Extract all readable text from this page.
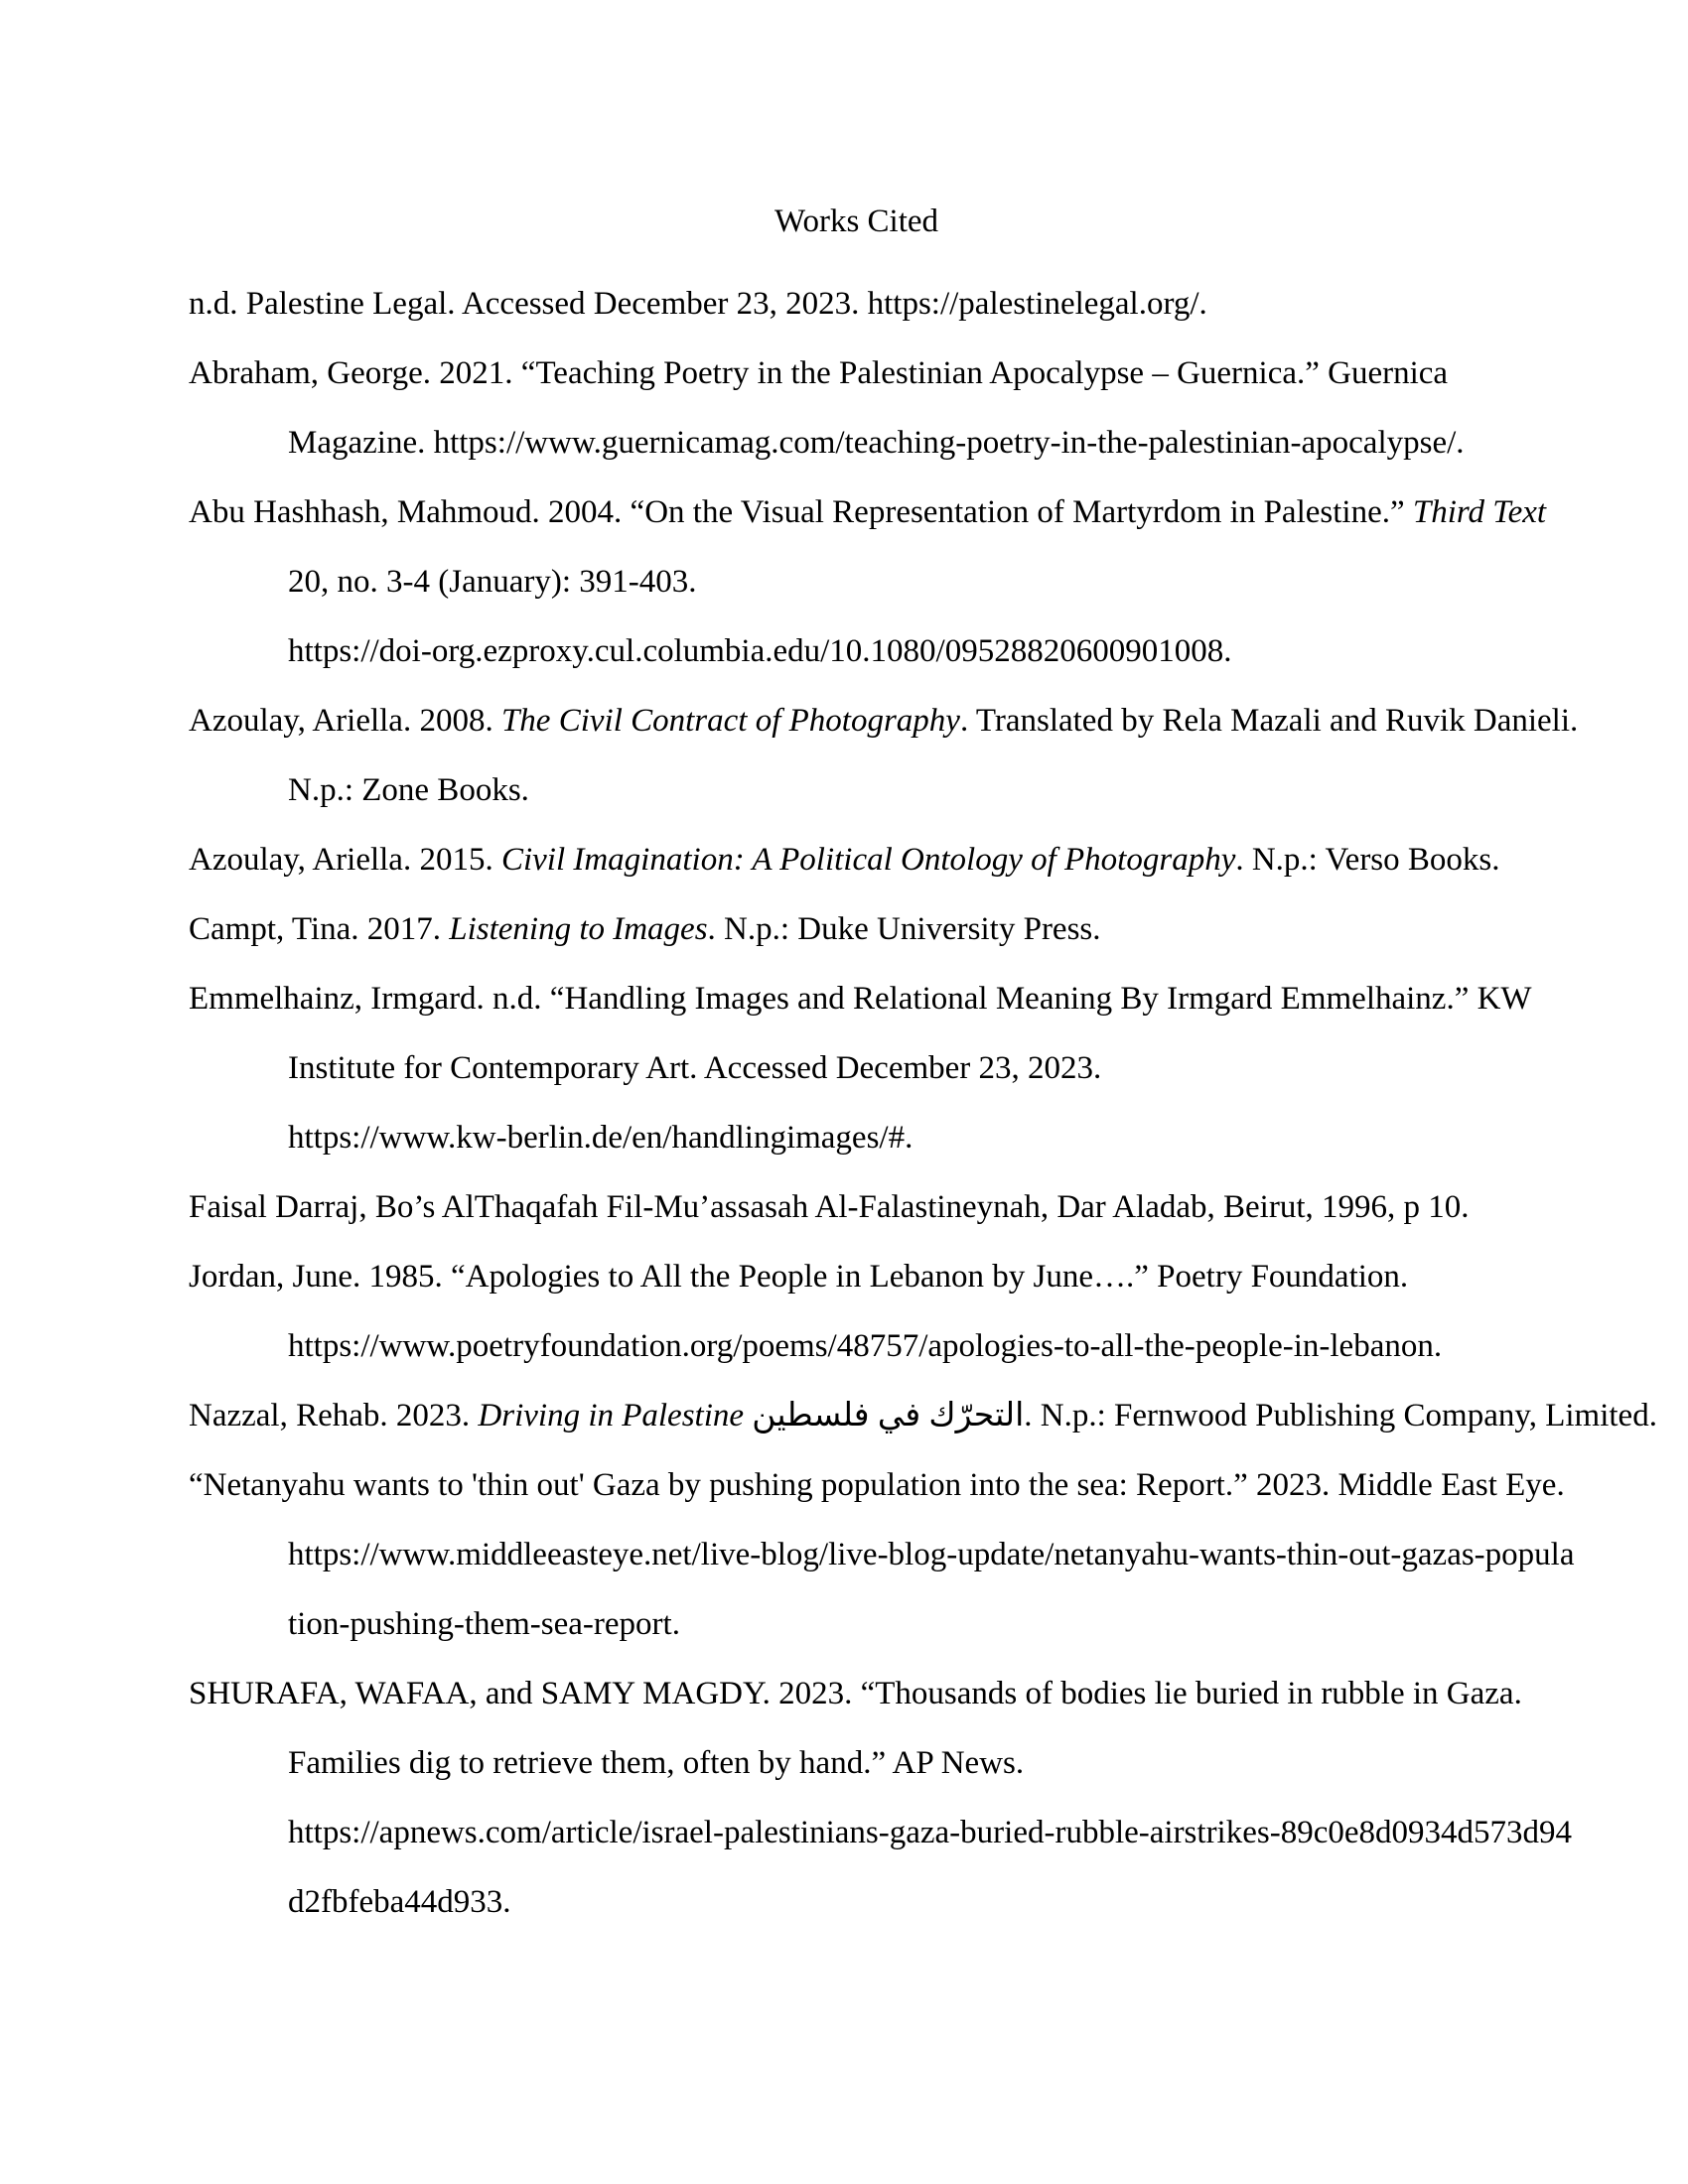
Works Cited
n.d. Palestine Legal. Accessed December 23, 2023. https://palestinelegal.org/.
Abraham, George. 2021. “Teaching Poetry in the Palestinian Apocalypse – Guernica.” Guernica
Magazine. https://www.guernicamag.com/teaching-poetry-in-the-palestinian-apocalypse/.
Abu Hashhash, Mahmoud. 2004. “On the Visual Representation of Martyrdom in Palestine.” Third Text
20, no. 3-4 (January): 391-403.
https://doi-org.ezproxy.cul.columbia.edu/10.1080/09528820600901008.
Azoulay, Ariella. 2008. The Civil Contract of Photography. Translated by Rela Mazali and Ruvik Danieli.
N.p.: Zone Books.
Azoulay, Ariella. 2015. Civil Imagination: A Political Ontology of Photography. N.p.: Verso Books.
Campt, Tina. 2017. Listening to Images. N.p.: Duke University Press.
Emmelhainz, Irmgard. n.d. “Handling Images and Relational Meaning By Irmgard Emmelhainz.” KW
Institute for Contemporary Art. Accessed December 23, 2023.
https://www.kw-berlin.de/en/handlingimages/#.
Faisal Darraj, Bo’s AlThaqafah Fil-Mu’assasah Al-Falastineynah, Dar Aladab, Beirut, 1996, p 10.
Jordan, June. 1985. “Apologies to All the People in Lebanon by June….” Poetry Foundation.
https://www.poetryfoundation.org/poems/48757/apologies-to-all-the-people-in-lebanon.
Nazzal, Rehab. 2023. Driving in Palestine التحرّك في فلسطين. N.p.: Fernwood Publishing Company, Limited.
“Netanyahu wants to 'thin out' Gaza by pushing population into the sea: Report.” 2023. Middle East Eye.
https://www.middleeasteye.net/live-blog/live-blog-update/netanyahu-wants-thin-out-gazas-popula
tion-pushing-them-sea-report.
SHURAFA, WAFAA, and SAMY MAGDY. 2023. “Thousands of bodies lie buried in rubble in Gaza.
Families dig to retrieve them, often by hand.” AP News.
https://apnews.com/article/israel-palestinians-gaza-buried-rubble-airstrikes-89c0e8d0934d573d94
d2fbfeba44d933.
